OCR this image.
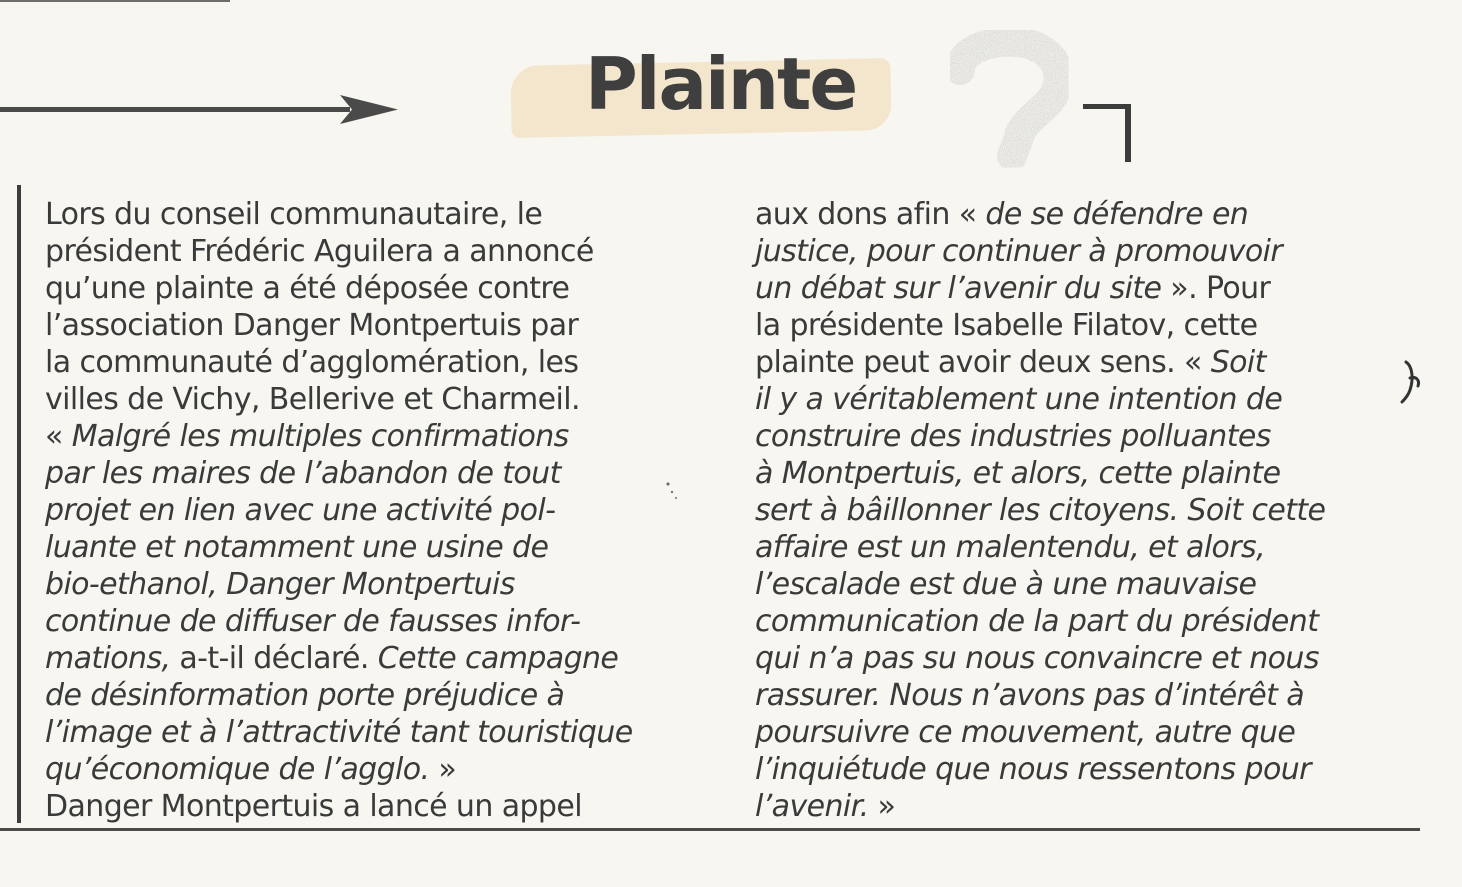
Plainte
Lors du conseil communautaire, le
président Frédéric Aguilera a annoncé
qu’une plainte a été déposée contre
l’association Danger Montpertuis par
la communauté d’agglomération, les
villes de Vichy, Bellerive et Charmeil.
« Malgré les multiples confirmations
par les maires de l’abandon de tout
projet en lien avec une activité pol-
luante et notamment une usine de
bio-ethanol, Danger Montpertuis
continue de diffuser de fausses infor-
mations, a-t-il déclaré. Cette campagne
de désinformation porte préjudice à
l’image et à l’attractivité tant touristique
qu’économique de l’agglo. »
Danger Montpertuis a lancé un appel
aux dons afin « de se défendre en
justice, pour continuer à promouvoir
un débat sur l’avenir du site ». Pour
la présidente Isabelle Filatov, cette
plainte peut avoir deux sens. « Soit
il y a véritablement une intention de
construire des industries polluantes
à Montpertuis, et alors, cette plainte
sert à bâillonner les citoyens. Soit cette
affaire est un malentendu, et alors,
l’escalade est due à une mauvaise
communication de la part du président
qui n’a pas su nous convaincre et nous
rassurer. Nous n’avons pas d’intérêt à
poursuivre ce mouvement, autre que
l’inquiétude que nous ressentons pour
l’avenir. »
